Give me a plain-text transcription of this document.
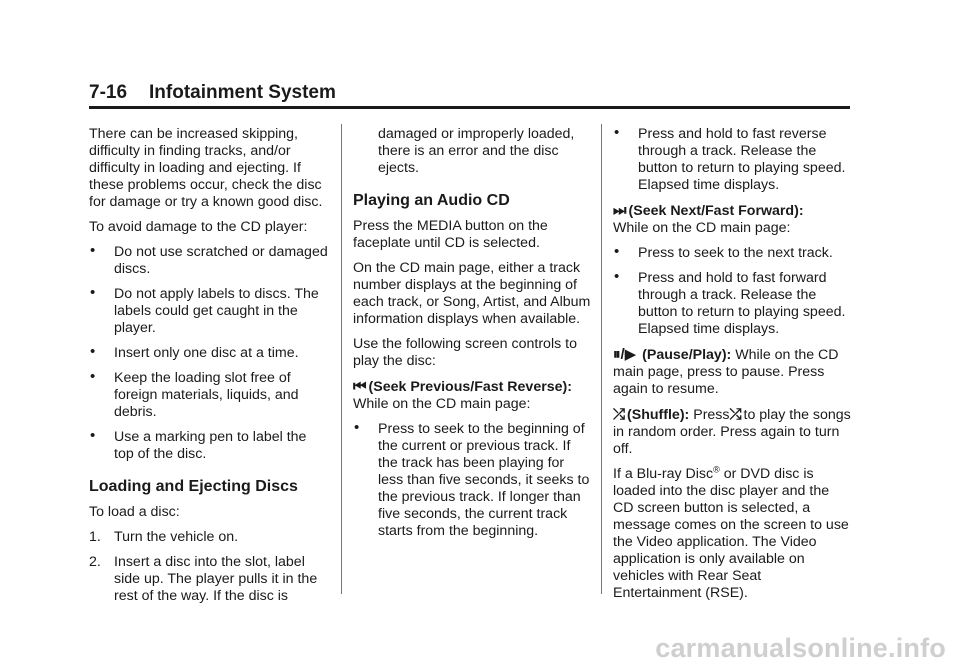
7-16 Infotainment System

There can be increased skipping, difficulty in finding tracks, and/or difficulty in loading and ejecting. If these problems occur, check the disc for damage or try a known good disc.

To avoid damage to the CD player:

• Do not use scratched or damaged discs.
• Do not apply labels to discs. The labels could get caught in the player.
• Insert only one disc at a time.
• Keep the loading slot free of foreign materials, liquids, and debris.
• Use a marking pen to label the top of the disc.
Loading and Ejecting Discs

To load a disc:

1. Turn the vehicle on.
2. Insert a disc into the slot, label side up. The player pulls it in the rest of the way. If the disc is

damaged or improperly loaded, there is an error and the disc ejects.

Playing an Audio CD

Press the MEDIA button on the faceplate until CD is selected.

On the CD main page, either a track number displays at the beginning of each track, or Song, Artist, and Album information displays when available.

Use the following screen controls to play the disc:

⏮ (Seek Previous/Fast Reverse):
While on the CD main page:

• Press to seek to the beginning of the current or previous track. If the track has been playing for less than five seconds, it seeks to the previous track. If longer than five seconds, the current track starts from the beginning.
• Press and hold to fast reverse through a track. Release the button to return to playing speed. Elapsed time displays.

⏭ (Seek Next/Fast Forward):
While on the CD main page:

• Press to seek to the next track.
• Press and hold to fast forward through a track. Release the button to return to playing speed. Elapsed time displays.

⏸/▶ (Pause/Play): While on the CD main page, press to pause. Press again to resume.

⤮ (Shuffle): Press⤮ to play the songs in random order. Press again to turn off.

If a Blu-ray Disc® or DVD disc is loaded into the disc player and the CD screen button is selected, a message comes on the screen to use the Video application. The Video application is only available on vehicles with Rear Seat Entertainment (RSE).

carmanualsonline.info
